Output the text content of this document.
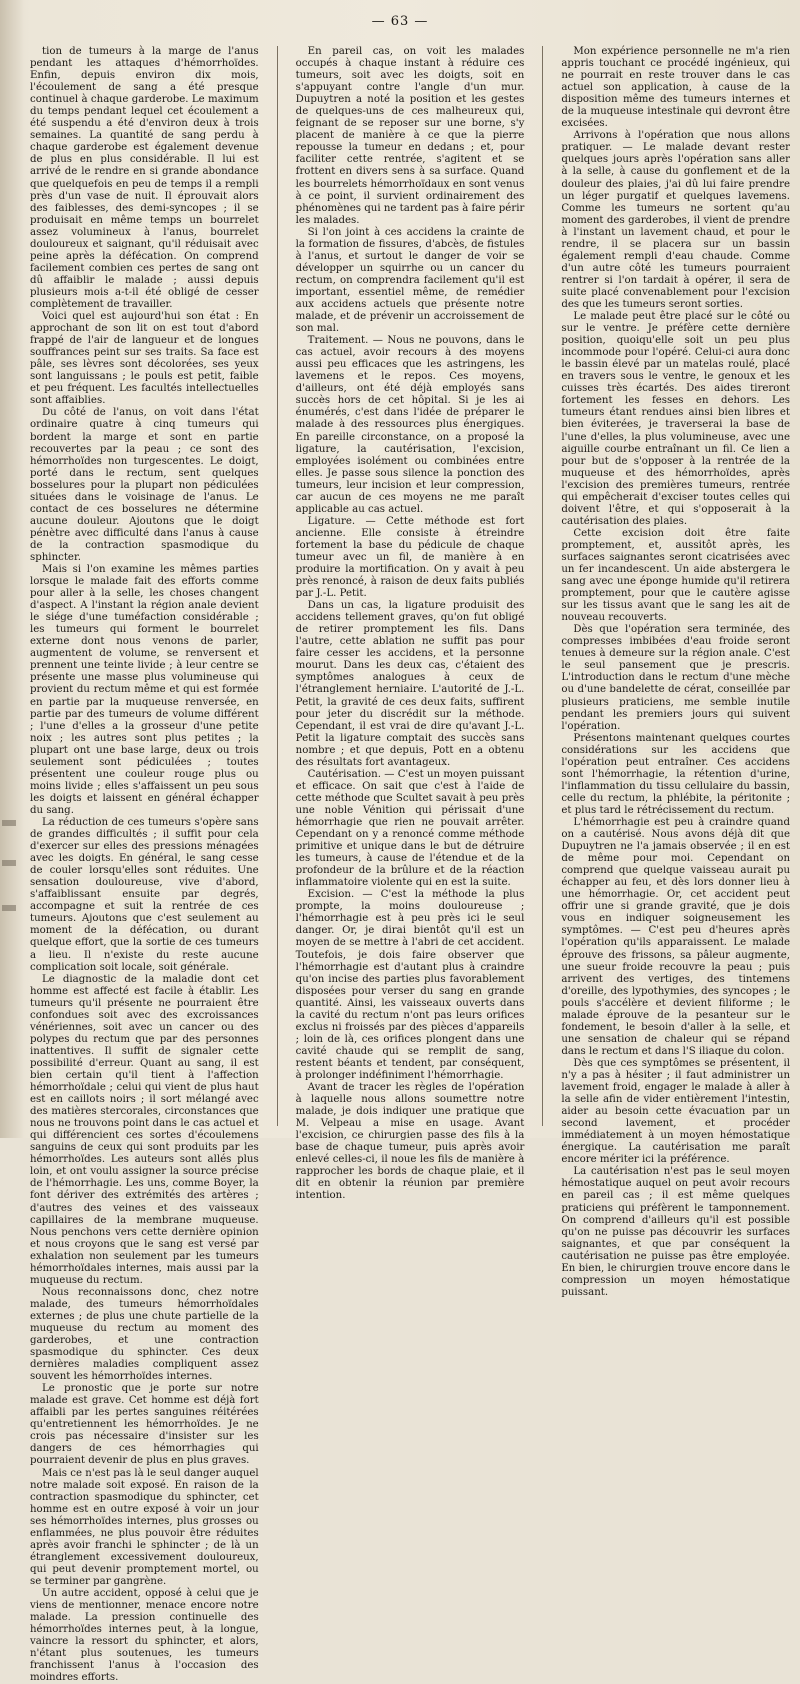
— 63 —

tion de tumeurs à la marge de l'anus pendant les attaques d'hémorrhoïdes. Enfin, depuis environ dix mois, l'écoulement de sang a été presque continuel à chaque garderobe. Le maximum du temps pendant lequel cet écoulement a été suspendu a été d'environ deux à trois semaines. La quantité de sang perdu à chaque garderobe est également devenue de plus en plus considérable. Il lui est arrivé de le rendre en si grande abondance que quelquefois en peu de temps il a rempli près d'un vase de nuit. Il éprouvait alors des faiblesses, des demi-syncopes ; il se produisait en même temps un bourrelet assez volumineux à l'anus, bourrelet douloureux et saignant, qu'il réduisait avec peine après la défécation. On comprend facilement combien ces pertes de sang ont dû affaiblir le malade ; aussi depuis plusieurs mois a-t-il été obligé de cesser complètement de travailler.

Voici quel est aujourd'hui son état : En approchant de son lit on est tout d'abord frappé de l'air de langueur et de longues souffrances peint sur ses traits. Sa face est pâle, ses lèvres sont décolorées, ses yeux sont languissans ; le pouls est petit, faible et peu fréquent. Les facultés intellectuelles sont affaiblies.

Du côté de l'anus, on voit dans l'état ordinaire quatre à cinq tumeurs qui bordent la marge et sont en partie recouvertes par la peau ; ce sont des hémorrhoïdes non turgescentes. Le doigt, porté dans le rectum, sent quelques bosselures pour la plupart non pédiculées situées dans le voisinage de l'anus. Le contact de ces bosselures ne détermine aucune douleur. Ajoutons que le doigt pénètre avec difficulté dans l'anus à cause de la contraction spasmodique du sphincter.

Mais si l'on examine les mêmes parties lorsque le malade fait des efforts comme pour aller à la selle, les choses changent d'aspect. A l'instant la région anale devient le siége d'une tuméfaction considérable ; les tumeurs qui forment le bourrelet externe dont nous venons de parler, augmentent de volume, se renversent et prennent une teinte livide ; à leur centre se présente une masse plus volumineuse qui provient du rectum même et qui est formée en partie par la muqueuse renversée, en partie par des tumeurs de volume différent ; l'une d'elles a la grosseur d'une petite noix ; les autres sont plus petites ; la plupart ont une base large, deux ou trois seulement sont pédiculées ; toutes présentent une couleur rouge plus ou moins livide ; elles s'affaissent un peu sous les doigts et laissent en général échapper du sang.

La réduction de ces tumeurs s'opère sans de grandes difficultés ; il suffit pour cela d'exercer sur elles des pressions ménagées avec les doigts. En général, le sang cesse de couler lorsqu'elles sont réduites. Une sensation douloureuse, vive d'abord, s'affaiblissant ensuite par degrés, accompagne et suit la rentrée de ces tumeurs. Ajoutons que c'est seulement au moment de la défécation, ou durant quelque effort, que la sortie de ces tumeurs a lieu. Il n'existe du reste aucune complication soit locale, soit générale.

Le diagnostic de la maladie dont cet homme est affecté est facile à établir. Les tumeurs qu'il présente ne pourraient être confondues soit avec des excroissances vénériennes, soit avec un cancer ou des polypes du rectum que par des personnes inattentives. Il suffit de signaler cette possibilité d'erreur. Quant au sang, il est bien certain qu'il tient à l'affection hémorrhoïdale ; celui qui vient de plus haut est en caillots noirs ; il sort mélangé avec des matières stercorales, circonstances que nous ne trouvons point dans le cas actuel et qui différencient ces sortes d'écoulemens sanguins de ceux qui sont produits par les hémorrhoïdes. Les auteurs sont allés plus loin, et ont voulu assigner la source précise de l'hémorrhagie. Les uns, comme Boyer, la font dériver des extrémités des artères ; d'autres des veines et des vaisseaux capillaires de la membrane muqueuse. Nous penchons vers cette dernière opinion et nous croyons que le sang est versé par exhalation non seulement par les tumeurs hémorrhoïdales internes, mais aussi par la muqueuse du rectum.

Nous reconnaissons donc, chez notre malade, des tumeurs hémorrhoïdales externes ; de plus une chute partielle de la muqueuse du rectum au moment des garderobes, et une contraction spasmodique du sphincter. Ces deux dernières maladies compliquent assez souvent les hémorrhoïdes internes.

Le pronostic que je porte sur notre malade est grave. Cet homme est déjà fort affaibli par les pertes sanguines réitérées qu'entretiennent les hémorrhoïdes. Je ne crois pas nécessaire d'insister sur les dangers de ces hémorrhagies qui pourraient devenir de plus en plus graves.

Mais ce n'est pas là le seul danger auquel notre malade soit exposé. En raison de la contraction spasmodique du sphincter, cet homme est en outre exposé à voir un jour ses hémorrhoïdes internes, plus grosses ou enflammées, ne plus pouvoir être réduites après avoir franchi le sphincter ; de là un étranglement excessivement douloureux, qui peut devenir promptement mortel, ou se terminer par gangrène.

Un autre accident, opposé à celui que je viens de mentionner, menace encore notre malade. La pression continuelle des hémorrhoïdes internes peut, à la longue, vaincre la ressort du sphincter, et alors, n'étant plus soutenues, les tumeurs franchissent l'anus à l'occasion des moindres efforts.

En pareil cas, on voit les malades occupés à chaque instant à réduire ces tumeurs, soit avec les doigts, soit en s'appuyant contre l'angle d'un mur. Dupuytren a noté la position et les gestes de quelques-uns de ces malheureux qui, feignant de se reposer sur une borne, s'y placent de manière à ce que la pierre repousse la tumeur en dedans ; et, pour faciliter cette rentrée, s'agitent et se frottent en divers sens à sa surface. Quand les bourrelets hémorrhoïdaux en sont venus à ce point, il survient ordinairement des phénomènes qui ne tardent pas à faire périr les malades.

Si l'on joint à ces accidens la crainte de la formation de fissures, d'abcès, de fistules à l'anus, et surtout le danger de voir se développer un squirrhe ou un cancer du rectum, on comprendra facilement qu'il est important, essentiel même, de remédier aux accidens actuels que présente notre malade, et de prévenir un accroissement de son mal.

Traitement. — Nous ne pouvons, dans le cas actuel, avoir recours à des moyens aussi peu efficaces que les astringens, les lavemens et le repos. Ces moyens, d'ailleurs, ont été déjà employés sans succès hors de cet hôpital. Si je les ai énumérés, c'est dans l'idée de préparer le malade à des ressources plus énergiques. En pareille circonstance, on a proposé la ligature, la cautérisation, l'excision, employées isolément ou combinées entre elles. Je passe sous silence la ponction des tumeurs, leur incision et leur compression, car aucun de ces moyens ne me paraît applicable au cas actuel.

Ligature. — Cette méthode est fort ancienne. Elle consiste à étreindre fortement la base du pédicule de chaque tumeur avec un fil, de manière à en produire la mortification. On y avait à peu près renoncé, à raison de deux faits publiés par J.-L. Petit.

Dans un cas, la ligature produisit des accidens tellement graves, qu'on fut obligé de retirer promptement les fils. Dans l'autre, cette ablation ne suffit pas pour faire cesser les accidens, et la personne mourut. Dans les deux cas, c'étaient des symptômes analogues à ceux de l'étranglement herniaire. L'autorité de J.-L. Petit, la gravité de ces deux faits, suffirent pour jeter du discrédit sur la méthode. Cependant, il est vrai de dire qu'avant J.-L. Petit la ligature comptait des succès sans nombre ; et que depuis, Pott en a obtenu des résultats fort avantageux.

Cautérisation. — C'est un moyen puissant et efficace. On sait que c'est à l'aide de cette méthode que Scultet savait à peu près une noble Vénition qui périssait d'une hémorrhagie que rien ne pouvait arrêter. Cependant on y a renoncé comme méthode primitive et unique dans le but de détruire les tumeurs, à cause de l'étendue et de la profondeur de la brûlure et de la réaction inflammatoire violente qui en est la suite.

Excision. — C'est la méthode la plus prompte, la moins douloureuse ; l'hémorrhagie est à peu près ici le seul danger. Or, je dirai bientôt qu'il est un moyen de se mettre à l'abri de cet accident. Toutefois, je dois faire observer que l'hémorrhagie est d'autant plus à craindre qu'on incise des parties plus favorablement disposées pour verser du sang en grande quantité. Ainsi, les vaisseaux ouverts dans la cavité du rectum n'ont pas leurs orifices exclus ni froissés par des pièces d'appareils ; loin de là, ces orifices plongent dans une cavité chaude qui se remplit de sang, restent béants et tendent, par conséquent, à prolonger indéfiniment l'hémorrhagie.

Avant de tracer les règles de l'opération à laquelle nous allons soumettre notre malade, je dois indiquer une pratique que M. Velpeau a mise en usage. Avant l'excision, ce chirurgien passe des fils à la base de chaque tumeur, puis après avoir enlevé celles-ci, il noue les fils de manière à rapprocher les bords de chaque plaie, et il dit en obtenir la réunion par première intention.

Mon expérience personnelle ne m'a rien appris touchant ce procédé ingénieux, qui ne pourrait en reste trouver dans le cas actuel son application, à cause de la disposition même des tumeurs internes et de la muqueuse intestinale qui devront être excisées.

Arrivons à l'opération que nous allons pratiquer. — Le malade devant rester quelques jours après l'opération sans aller à la selle, à cause du gonflement et de la douleur des plaies, j'ai dû lui faire prendre un léger purgatif et quelques lavemens. Comme les tumeurs ne sortent qu'au moment des garderobes, il vient de prendre à l'instant un lavement chaud, et pour le rendre, il se placera sur un bassin également rempli d'eau chaude. Comme d'un autre côté les tumeurs pourraient rentrer si l'on tardait à opérer, il sera de suite placé convenablement pour l'excision des que les tumeurs seront sorties.

Le malade peut être placé sur le côté ou sur le ventre. Je préfère cette dernière position, quoiqu'elle soit un peu plus incommode pour l'opéré. Celui-ci aura donc le bassin élevé par un matelas roulé, placé en travers sous le ventre, le genoux et les cuisses très écartés. Des aides tireront fortement les fesses en dehors. Les tumeurs étant rendues ainsi bien libres et bien éviterées, je traverserai la base de l'une d'elles, la plus volumineuse, avec une aiguille courbe entraînant un fil. Ce lien a pour but de s'opposer à la rentrée de la muqueuse et des hémorrhoïdes, après l'excision des premières tumeurs, rentrée qui empêcherait d'exciser toutes celles qui doivent l'être, et qui s'opposerait à la cautérisation des plaies.

Cette excision doit être faite promptement, et, aussitôt après, les surfaces saignantes seront cicatrisées avec un fer incandescent. Un aide abstergera le sang avec une éponge humide qu'il retirera promptement, pour que le cautère agisse sur les tissus avant que le sang les ait de nouveau recouverts.

Dès que l'opération sera terminée, des compresses imbibées d'eau froide seront tenues à demeure sur la région anale. C'est le seul pansement que je prescris. L'introduction dans le rectum d'une mèche ou d'une bandelette de cérat, conseillée par plusieurs praticiens, me semble inutile pendant les premiers jours qui suivent l'opération.

Présentons maintenant quelques courtes considérations sur les accidens que l'opération peut entraîner. Ces accidens sont l'hémorrhagie, la rétention d'urine, l'inflammation du tissu cellulaire du bassin, celle du rectum, la phlébite, la péritonite ; et plus tard le rétrécissement du rectum.

L'hémorrhagie est peu à craindre quand on a cautérisé. Nous avons déjà dit que Dupuytren ne l'a jamais observée ; il en est de même pour moi. Cependant on comprend que quelque vaisseau aurait pu échapper au feu, et dès lors donner lieu à une hémorrhagie. Or, cet accident peut offrir une si grande gravité, que je dois vous en indiquer soigneusement les symptômes. — C'est peu d'heures après l'opération qu'ils apparaissent. Le malade éprouve des frissons, sa pâleur augmente, une sueur froide recouvre la peau ; puis arrivent des vertiges, des tintemens d'oreille, des lypothymies, des syncopes ; le pouls s'accélère et devient filiforme ; le malade éprouve de la pesanteur sur le fondement, le besoin d'aller à la selle, et une sensation de chaleur qui se répand dans le rectum et dans l'S iliaque du colon.

Dès que ces symptômes se présentent, il n'y a pas à hésiter ; il faut administrer un lavement froid, engager le malade à aller à la selle afin de vider entièrement l'intestin, aider au besoin cette évacuation par un second lavement, et procéder immédiatement à un moyen hémostatique énergique. La cautérisation me paraît encore mériter ici la préférence.

La cautérisation n'est pas le seul moyen hémostatique auquel on peut avoir recours en pareil cas ; il est même quelques praticiens qui préfèrent le tamponnement. On comprend d'ailleurs qu'il est possible qu'on ne puisse pas découvrir les surfaces saignantes, et que par conséquent la cautérisation ne puisse pas être employée. En bien, le chirurgien trouve encore dans le compression un moyen hémostatique puissant.
